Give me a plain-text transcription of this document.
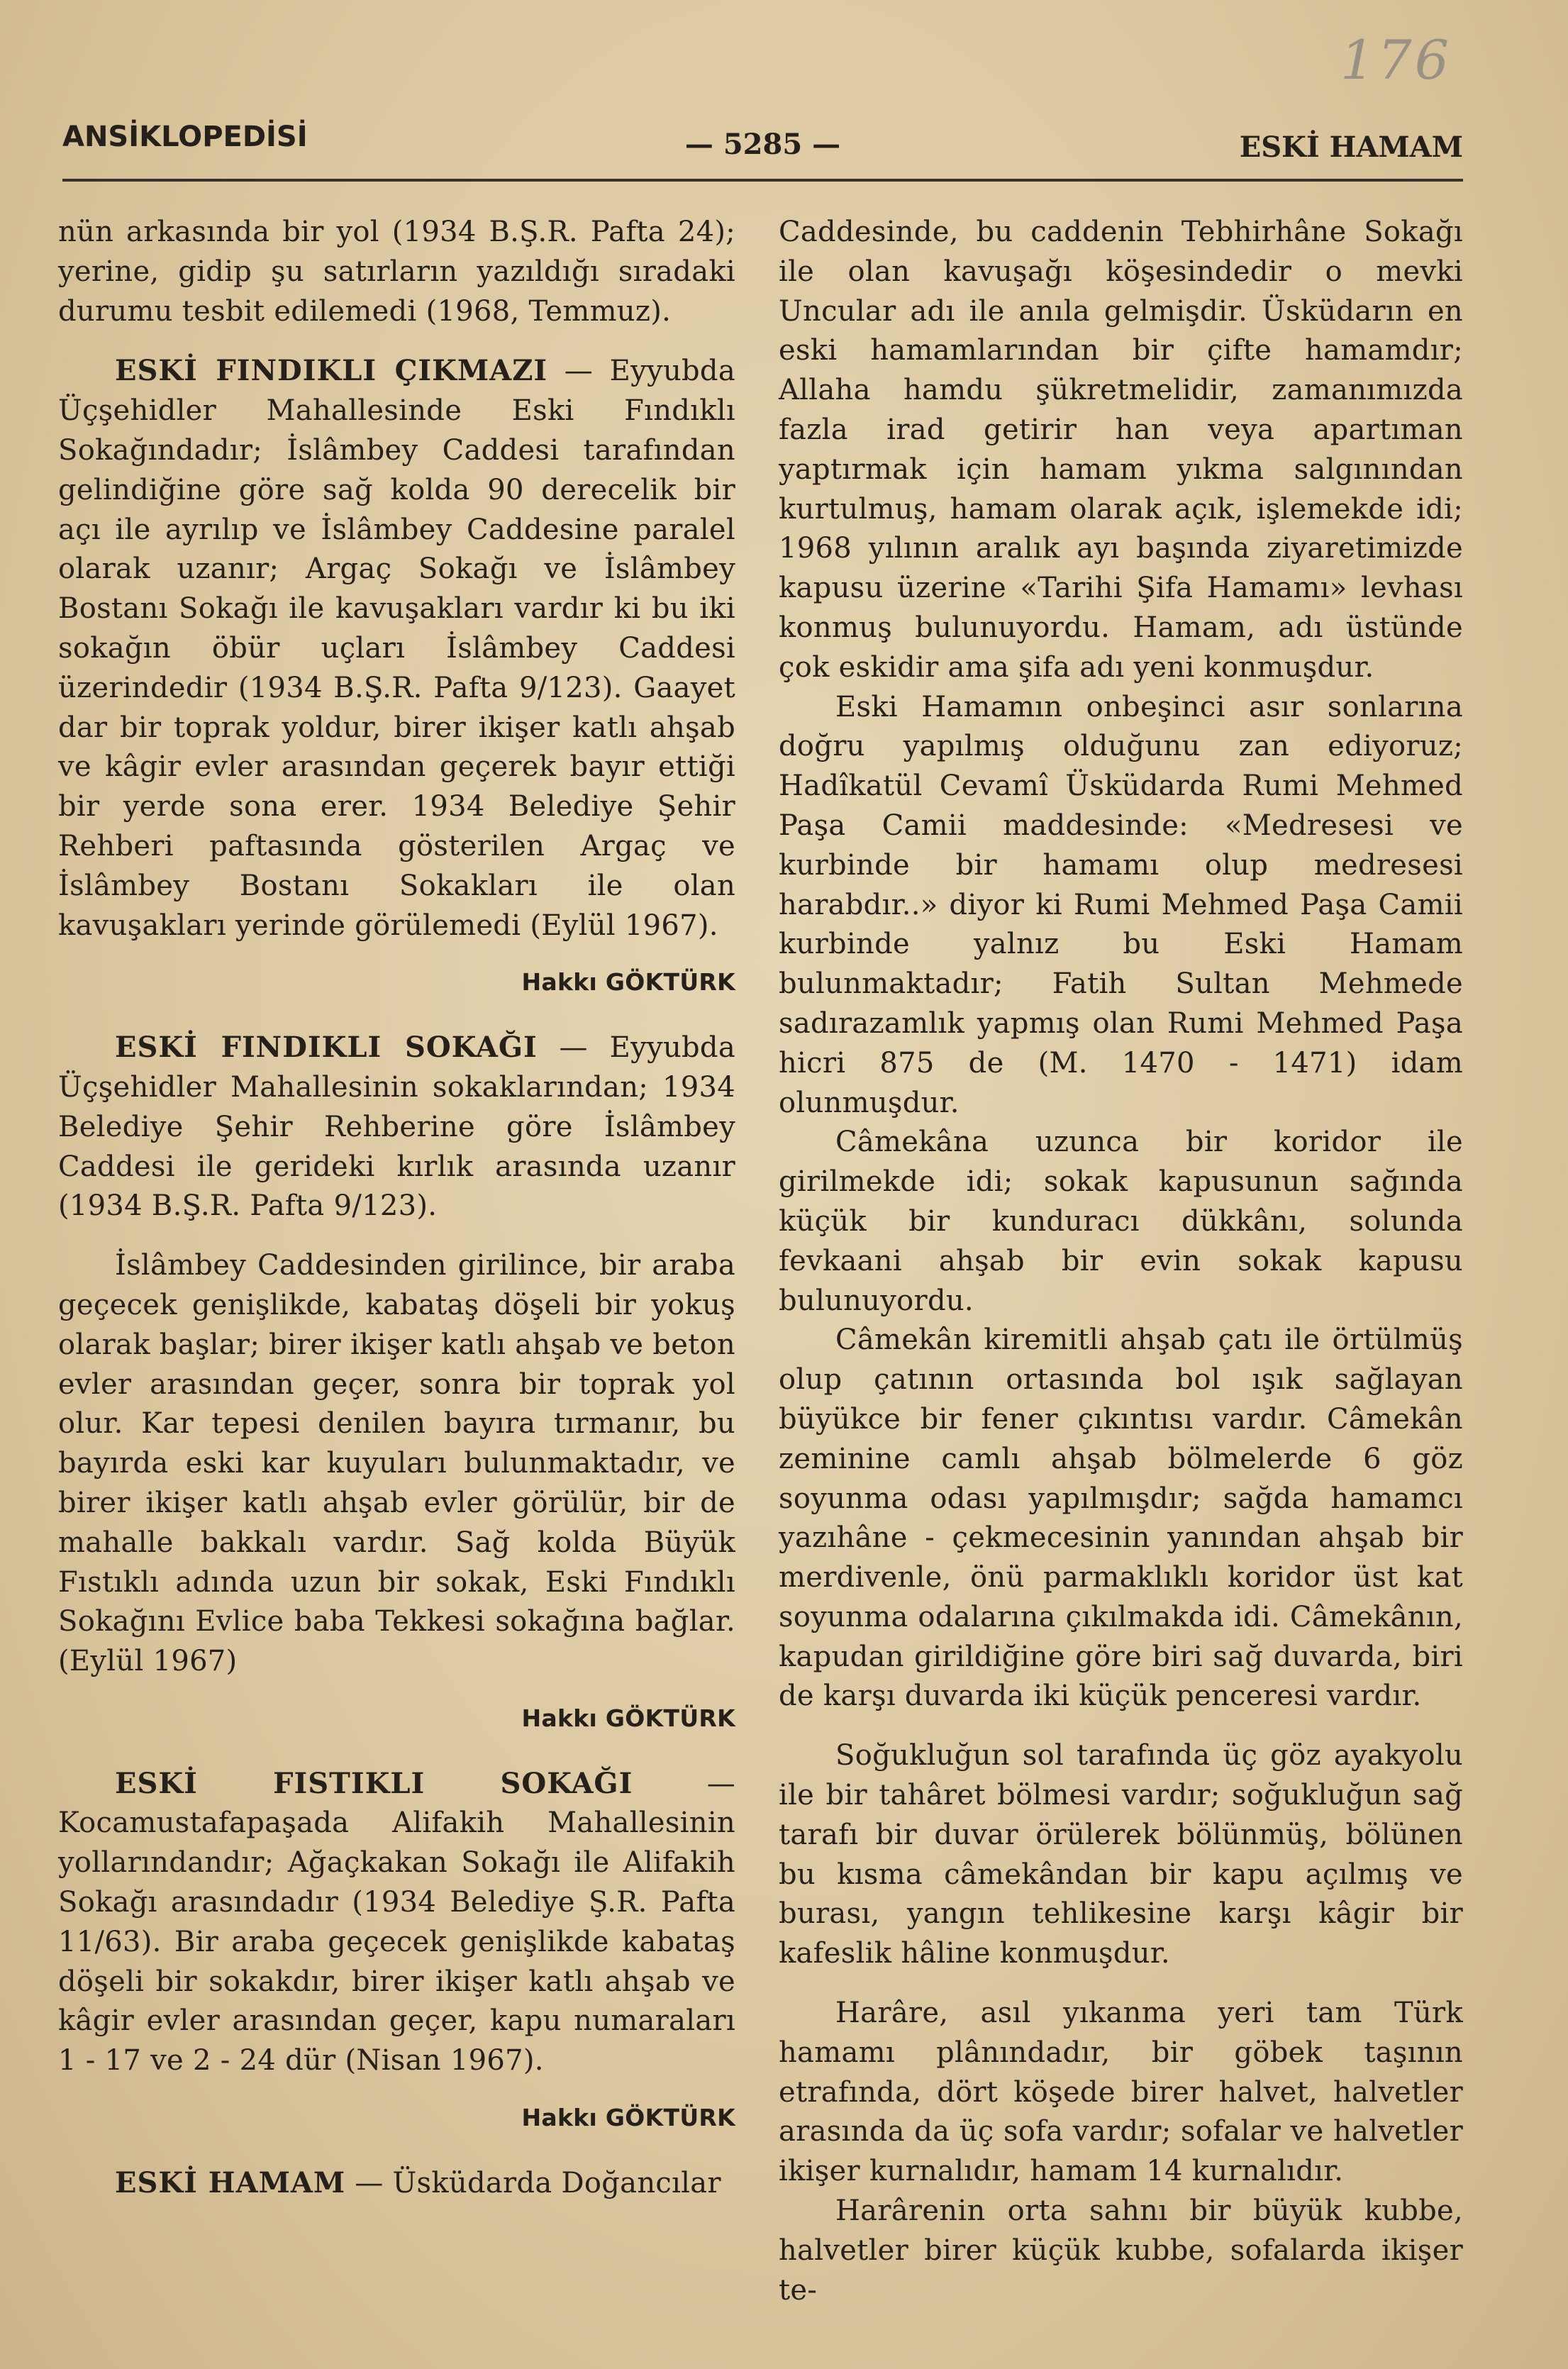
176
ANSİKLOPEDİSİ	— 5285 —	ESKİ HAMAM

nün arkasında bir yol (1934 B.Ş.R. Pafta 24); yerine, gidip şu satırların yazıldığı sıradaki durumu tesbit edilemedi (1968, Temmuz).

ESKİ FINDIKLI ÇIKMAZI — Eyyubda Üçşehidler Mahallesinde Eski Fındıklı Sokağındadır; İslâmbey Caddesi tarafından gelindiğine göre sağ kolda 90 derecelik bir açı ile ayrılıp ve İslâmbey Caddesine paralel olarak uzanır; Argaç Sokağı ve İslâmbey Bostanı Sokağı ile kavuşakları vardır ki bu iki sokağın öbür uçları İslâmbey Caddesi üzerindedir (1934 B.Ş.R. Pafta 9/123). Gaayet dar bir toprak yoldur, birer ikişer katlı ahşab ve kâgir evler arasından geçerek bayır ettiği bir yerde sona erer. 1934 Belediye Şehir Rehberi paftasında gösterilen Argaç ve İslâmbey Bostanı Sokakları ile olan kavuşakları yerinde görülemedi (Eylül 1967).

Hakkı GÖKTÜRK

ESKİ FINDIKLI SOKAĞI — Eyyubda Üçşehidler Mahallesinin sokaklarından; 1934 Belediye Şehir Rehberine göre İslâmbey Caddesi ile gerideki kırlık arasında uzanır (1934 B.Ş.R. Pafta 9/123).

İslâmbey Caddesinden girilince, bir araba geçecek genişlikde, kabataş döşeli bir yokuş olarak başlar; birer ikişer katlı ahşab ve beton evler arasından geçer, sonra bir toprak yol olur. Kar tepesi denilen bayıra tırmanır, bu bayırda eski kar kuyuları bulunmaktadır, ve birer ikişer katlı ahşab evler görülür, bir de mahalle bakkalı vardır. Sağ kolda Büyük Fıstıklı adında uzun bir sokak, Eski Fındıklı Sokağını Evlice baba Tekkesi sokağına bağlar. (Eylül 1967)

Hakkı GÖKTÜRK

ESKİ FISTIKLI SOKAĞI — Kocamustafapaşada Alifakih Mahallesinin yollarındandır; Ağaçkakan Sokağı ile Alifakih Sokağı arasındadır (1934 Belediye Ş.R. Pafta 11/63). Bir araba geçecek genişlikde kabataş döşeli bir sokakdır, birer ikişer katlı ahşab ve kâgir evler arasından geçer, kapu numaraları 1 - 17 ve 2 - 24 dür (Nisan 1967).

Hakkı GÖKTÜRK

ESKİ HAMAM — Üsküdarda Doğancılar

Caddesinde, bu caddenin Tebhirhâne Sokağı ile olan kavuşağı köşesindedir o mevki Uncular adı ile anıla gelmişdir. Üsküdarın en eski hamamlarından bir çifte hamamdır; Allaha hamdu şükretmelidir, zamanımızda fazla irad getirir han veya apartıman yaptırmak için hamam yıkma salgınından kurtulmuş, hamam olarak açık, işlemekde idi; 1968 yılının aralık ayı başında ziyaretimizde kapusu üzerine «Tarihi Şifa Hamamı» levhası konmuş bulunuyordu. Hamam, adı üstünde çok eskidir ama şifa adı yeni konmuşdur.

Eski Hamamın onbeşinci asır sonlarına doğru yapılmış olduğunu zan ediyoruz; Hadîkatül Cevamî Üsküdarda Rumi Mehmed Paşa Camii maddesinde: «Medresesi ve kurbinde bir hamamı olup medresesi harabdır..» diyor ki Rumi Mehmed Paşa Camii kurbinde yalnız bu Eski Hamam bulunmaktadır; Fatih Sultan Mehmede sadırazamlık yapmış olan Rumi Mehmed Paşa hicri 875 de (M. 1470 - 1471) idam olunmuşdur.

Câmekâna uzunca bir koridor ile girilmekde idi; sokak kapusunun sağında küçük bir kunduracı dükkânı, solunda fevkaani ahşab bir evin sokak kapusu bulunuyordu.

Câmekân kiremitli ahşab çatı ile örtülmüş olup çatının ortasında bol ışık sağlayan büyükce bir fener çıkıntısı vardır. Câmekân zeminine camlı ahşab bölmelerde 6 göz soyunma odası yapılmışdır; sağda hamamcı yazıhâne - çekmecesinin yanından ahşab bir merdivenle, önü parmaklıklı koridor üst kat soyunma odalarına çıkılmakda idi. Câmekânın, kapudan girildiğine göre biri sağ duvarda, biri de karşı duvarda iki küçük penceresi vardır.

Soğukluğun sol tarafında üç göz ayakyolu ile bir tahâret bölmesi vardır; soğukluğun sağ tarafı bir duvar örülerek bölünmüş, bölünen bu kısma câmekândan bir kapu açılmış ve burası, yangın tehlikesine karşı kâgir bir kafeslik hâline konmuşdur.

Harâre, asıl yıkanma yeri tam Türk hamamı plânındadır, bir göbek taşının etrafında, dört köşede birer halvet, halvetler arasında da üç sofa vardır; sofalar ve halvetler ikişer kurnalıdır, hamam 14 kurnalıdır.

Harârenin orta sahnı bir büyük kubbe, halvetler birer küçük kubbe, sofalarda ikişer te-
